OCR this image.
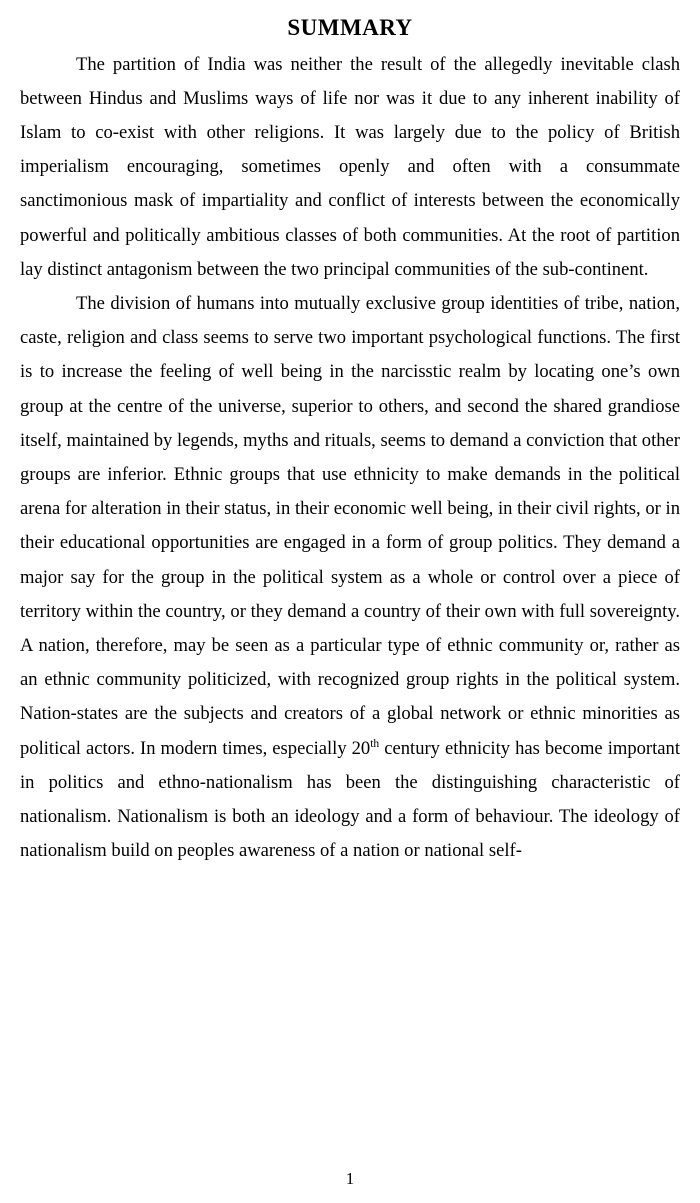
SUMMARY

The partition of India was neither the result of the allegedly inevitable clash between Hindus and Muslims ways of life nor was it due to any inherent inability of Islam to co-exist with other religions. It was largely due to the policy of British imperialism encouraging, sometimes openly and often with a consummate sanctimonious mask of impartiality and conflict of interests between the economically powerful and politically ambitious classes of both communities. At the root of partition lay distinct antagonism between the two principal communities of the sub-continent.

The division of humans into mutually exclusive group identities of tribe, nation, caste, religion and class seems to serve two important psychological functions. The first is to increase the feeling of well being in the narcisstic realm by locating one’s own group at the centre of the universe, superior to others, and second the shared grandiose itself, maintained by legends, myths and rituals, seems to demand a conviction that other groups are inferior. Ethnic groups that use ethnicity to make demands in the political arena for alteration in their status, in their economic well being, in their civil rights, or in their educational opportunities are engaged in a form of group politics. They demand a major say for the group in the political system as a whole or control over a piece of territory within the country, or they demand a country of their own with full sovereignty. A nation, therefore, may be seen as a particular type of ethnic community or, rather as an ethnic community politicized, with recognized group rights in the political system. Nation-states are the subjects and creators of a global network or ethnic minorities as political actors. In modern times, especially 20th century ethnicity has become important in politics and ethno-nationalism has been the distinguishing characteristic of nationalism. Nationalism is both an ideology and a form of behaviour. The ideology of nationalism build on peoples awareness of a nation or national self-

1
